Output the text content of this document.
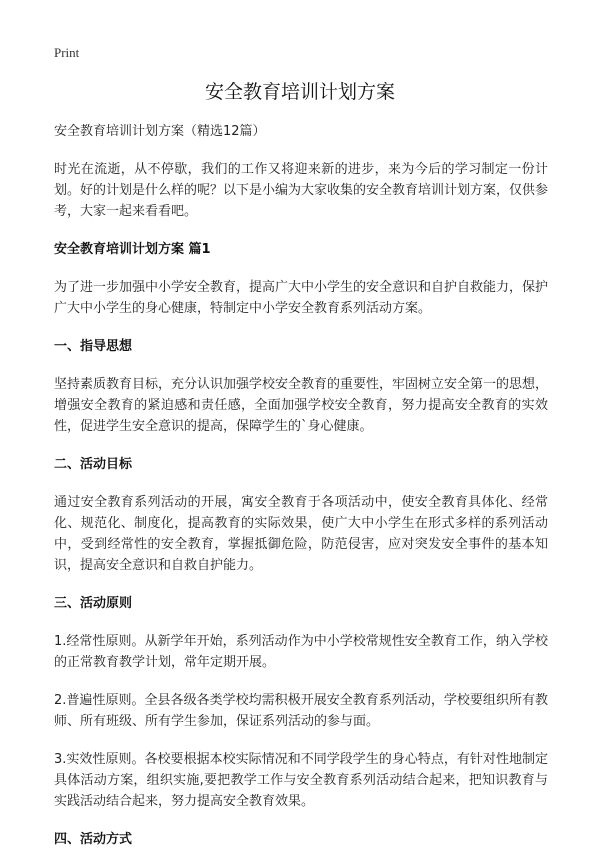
Print
安全教育培训计划方案

安全教育培训计划方案（精选12篇）

时光在流逝，从不停歇，我们的工作又将迎来新的进步，来为今后的学习制定一份计划。好的计划是什么样的呢？以下是小编为大家收集的安全教育培训计划方案，仅供参考，大家一起来看看吧。

安全教育培训计划方案 篇1

为了进一步加强中小学安全教育，提高广大中小学生的安全意识和自护自救能力，保护广大中小学生的身心健康，特制定中小学安全教育系列活动方案。

一、指导思想

坚持素质教育目标，充分认识加强学校安全教育的重要性，牢固树立安全第一的思想，增强安全教育的紧迫感和责任感，全面加强学校安全教育，努力提高安全教育的实效性，促进学生安全意识的提高，保障学生的`身心健康。

二、活动目标

通过安全教育系列活动的开展，寓安全教育于各项活动中，使安全教育具体化、经常化、规范化、制度化，提高教育的实际效果，使广大中小学生在形式多样的系列活动中，受到经常性的安全教育，掌握抵御危险，防范侵害，应对突发安全事件的基本知识，提高安全意识和自救自护能力。

三、活动原则

1.经常性原则。从新学年开始，系列活动作为中小学校常规性安全教育工作，纳入学校的正常教育教学计划，常年定期开展。

2.普遍性原则。全县各级各类学校均需积极开展安全教育系列活动，学校要组织所有教师、所有班级、所有学生参加，保证系列活动的参与面。

3.实效性原则。各校要根据本校实际情况和不同学段学生的身心特点，有针对性地制定具体活动方案，组织实施,要把教学工作与安全教育系列活动结合起来，把知识教育与实践活动结合起来，努力提高安全教育效果。

四、活动方式
